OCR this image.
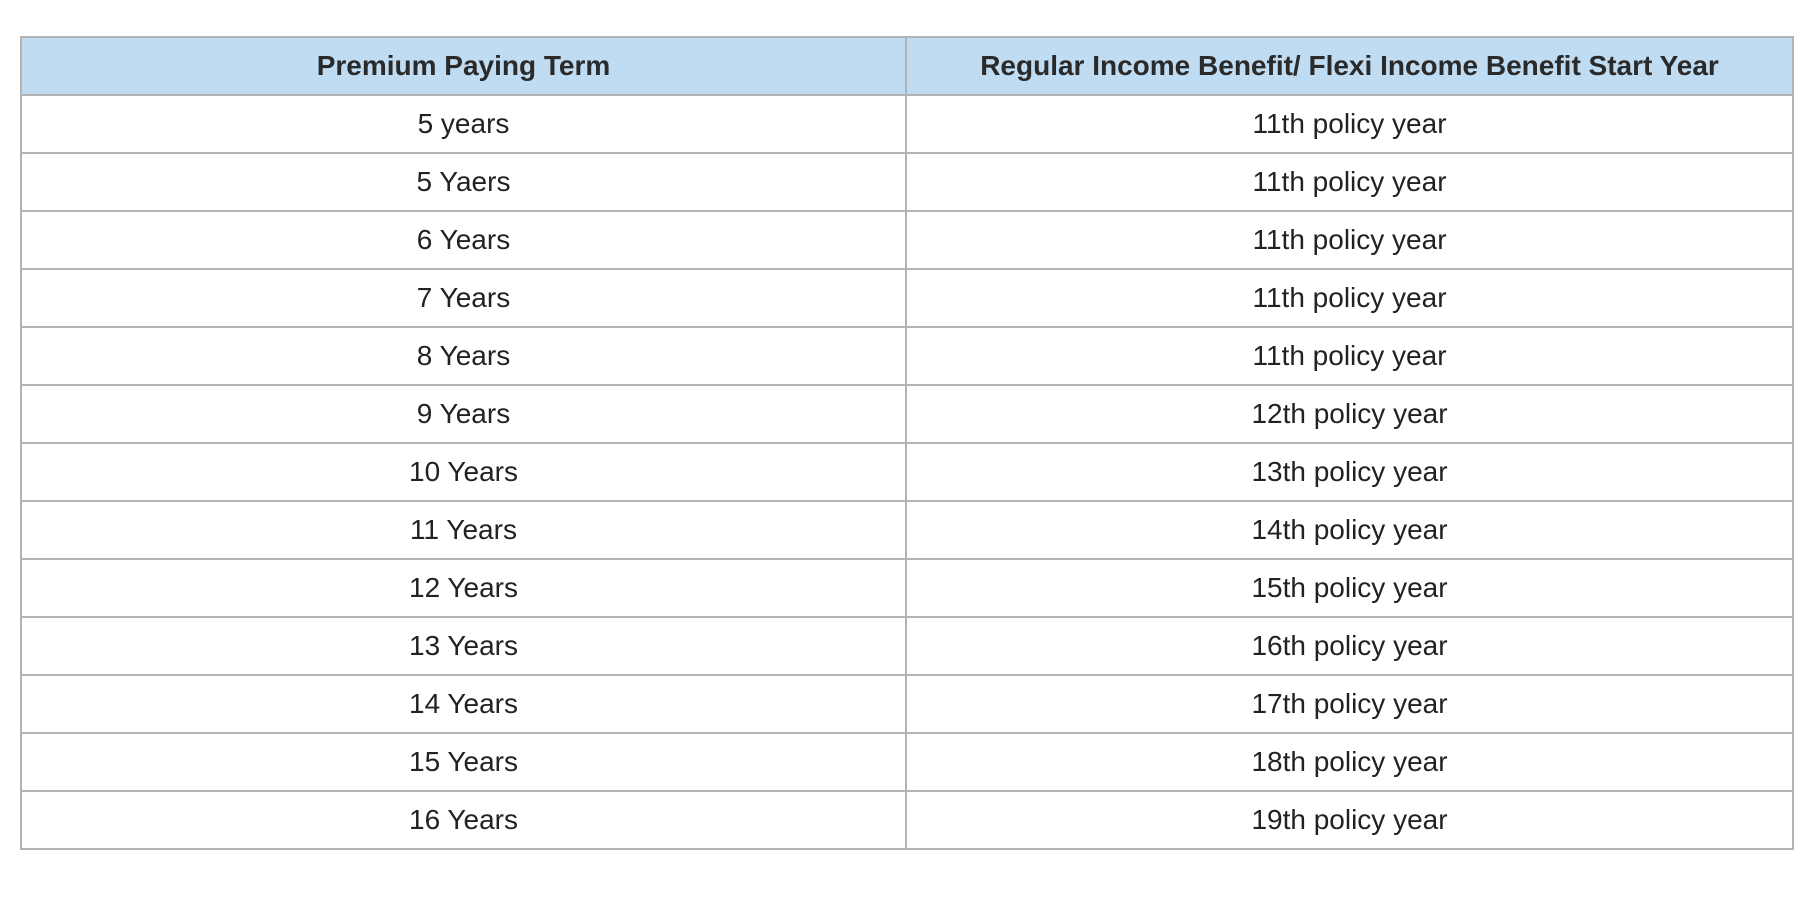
Premium Paying Term	Regular Income Benefit/ Flexi Income Benefit Start Year
5 years	11th policy year
5 Yaers	11th policy year
6 Years	11th policy year
7 Years	11th policy year
8 Years	11th policy year
9 Years	12th policy year
10 Years	13th policy year
11 Years	14th policy year
12 Years	15th policy year
13 Years	16th policy year
14 Years	17th policy year
15 Years	18th policy year
16 Years	19th policy year
